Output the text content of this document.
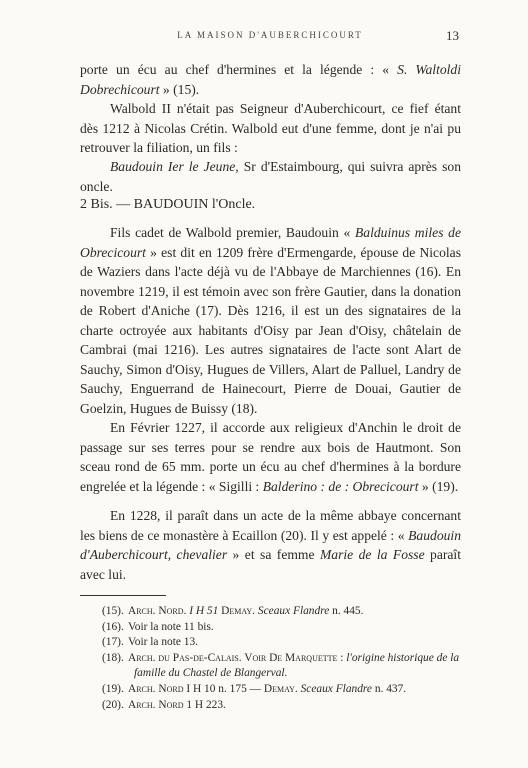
LA MAISON D'AUBERCHICOURT	13

porte un écu au chef d'hermines et la légende : « S. Waltoldi Dobrechicourt » (15).

Walbold II n'était pas Seigneur d'Auberchicourt, ce fief étant dès 1212 à Nicolas Crétin. Walbold eut d'une femme, dont je n'ai pu retrouver la filiation, un fils :

Baudouin Ier le Jeune, Sr d'Estaimbourg, qui suivra après son oncle.

2 Bis. — BAUDOUIN l'Oncle.

Fils cadet de Walbold premier, Baudouin « Balduinus miles de Obrecicourt » est dit en 1209 frère d'Ermengarde, épouse de Nicolas de Waziers dans l'acte déjà vu de l'Abbaye de Marchiennes (16). En novembre 1219, il est témoin avec son frère Gautier, dans la donation de Robert d'Aniche (17). Dès 1216, il est un des signataires de la charte octroyée aux habitants d'Oisy par Jean d'Oisy, châtelain de Cambrai (mai 1216). Les autres signataires de l'acte sont Alart de Sauchy, Simon d'Oisy, Hugues de Villers, Alart de Palluel, Landry de Sauchy, Enguerrand de Hainecourt, Pierre de Douai, Gautier de Goelzin, Hugues de Buissy (18).

En Février 1227, il accorde aux religieux d'Anchin le droit de passage sur ses terres pour se rendre aux bois de Hautmont. Son sceau rond de 65 mm. porte un écu au chef d'hermines à la bordure engrelée et la légende : « Sigilli : Balderino : de : Obrecicourt » (19).

En 1228, il paraît dans un acte de la même abbaye concernant les biens de ce monastère à Ecaillon (20). Il y est appelé : « Baudouin d'Auberchicourt, chevalier » et sa femme Marie de la Fosse paraît avec lui.

(15). Arch. Nord. I H 51 Demay. Sceaux Flandre n. 445.
(16). Voir la note 11 bis.
(17). Voir la note 13.
(18). Arch. du Pas-de-Calais. Voir De Marquette : l'origine historique de la famille du Chastel de Blangerval.
(19). Arch. Nord I H 10 n. 175 — Demay. Sceaux Flandre n. 437.
(20). Arch. Nord 1 H 223.
